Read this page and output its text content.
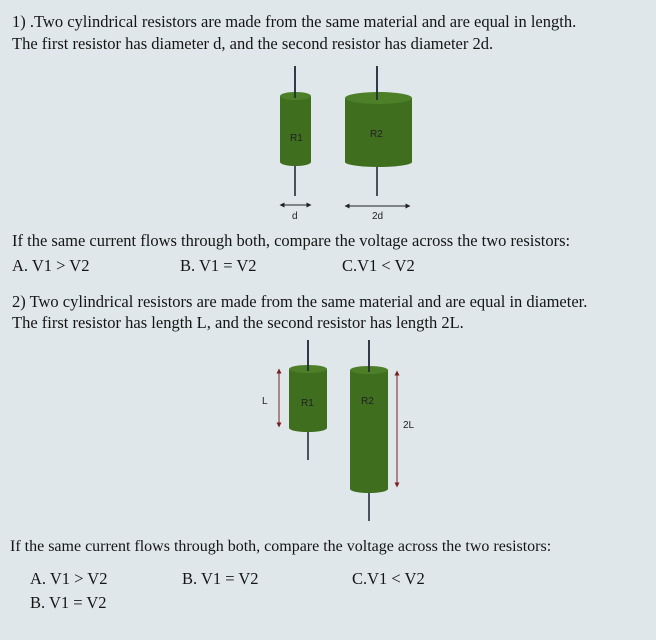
1) .Two cylindrical resistors are made from the same material and are equal in length.
The first resistor has diameter d, and the second resistor has diameter 2d.
R1	R2
d	2d
R1	R2
L
2L
If the same current flows through both, compare the voltage across the two resistors:
A. V1 > V2	B. V1 = V2	C.V1 < V2
2) Two cylindrical resistors are made from the same material and are equal in diameter.
The first resistor has length L, and the second resistor has length 2L.
If the same current flows through both, compare the voltage across the two resistors:
A. V1 > V2	B. V1 = V2	C.V1 < V2
B. V1 = V2
